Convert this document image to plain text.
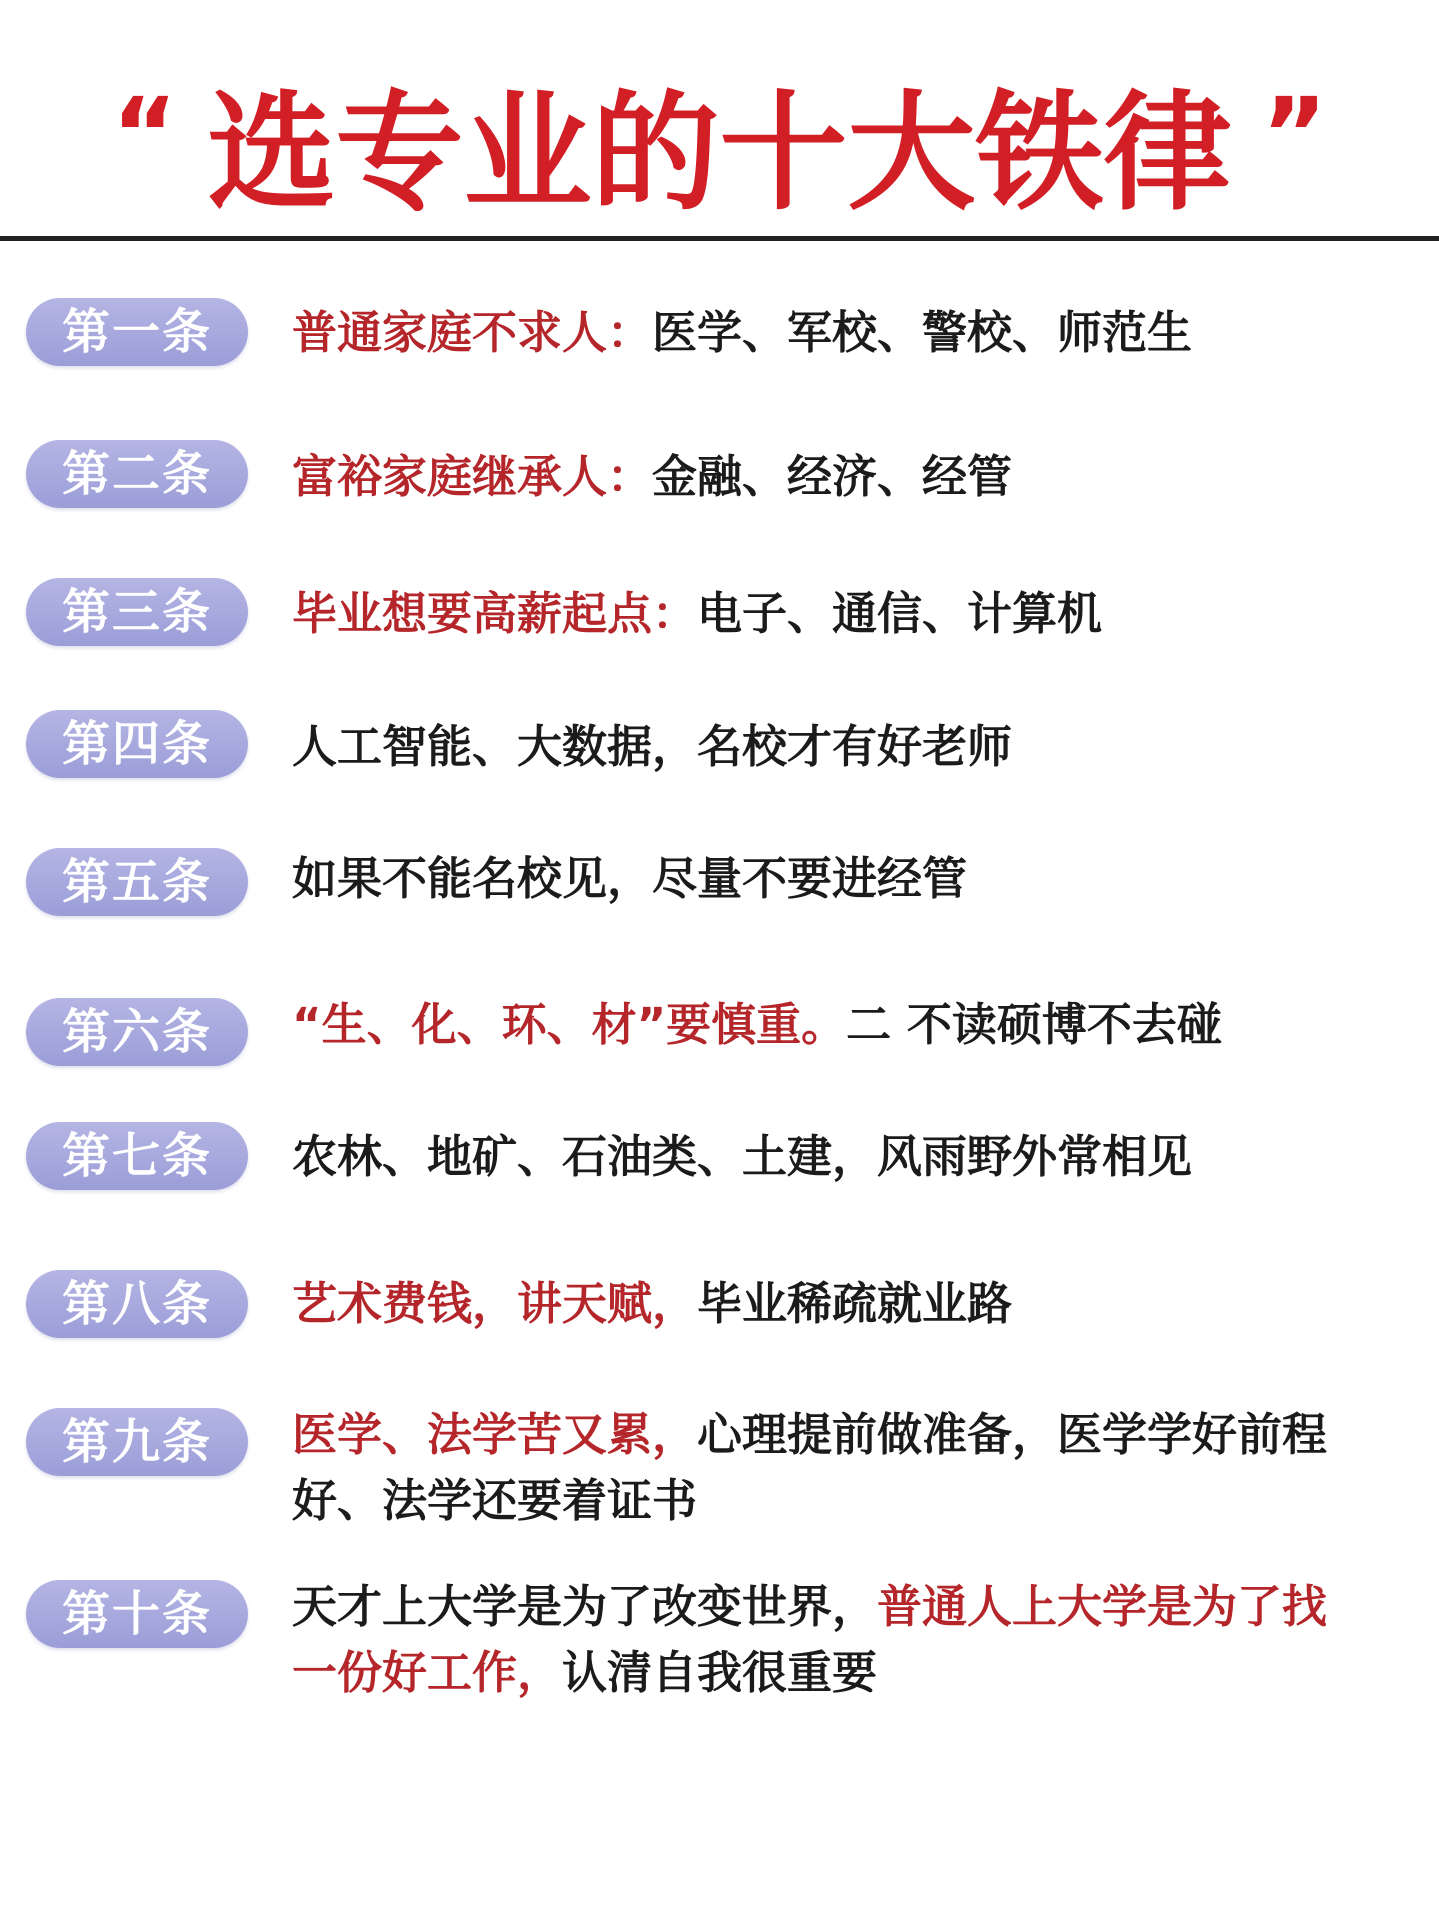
“ 选专业的十大铁律 ”
第一条	普通家庭不求人：医学、军校、警校、师范生
第二条	富裕家庭继承人：金融、经济、经管
第三条	毕业想要高薪起点：电子、通信、计算机
第四条	人工智能、大数据，名校才有好老师
第五条	如果不能名校见，尽量不要进经管
第六条	“生、化、环、材”要慎重。二 不读硕博不去碰
第七条	农林、地矿、石油类、土建，风雨野外常相见
第八条	艺术费钱，讲天赋，毕业稀疏就业路
第九条	医学、法学苦又累，心理提前做准备，医学学好前程好、法学还要着证书
第十条	天才上大学是为了改变世界，普通人上大学是为了找一份好工作，认清自我很重要
